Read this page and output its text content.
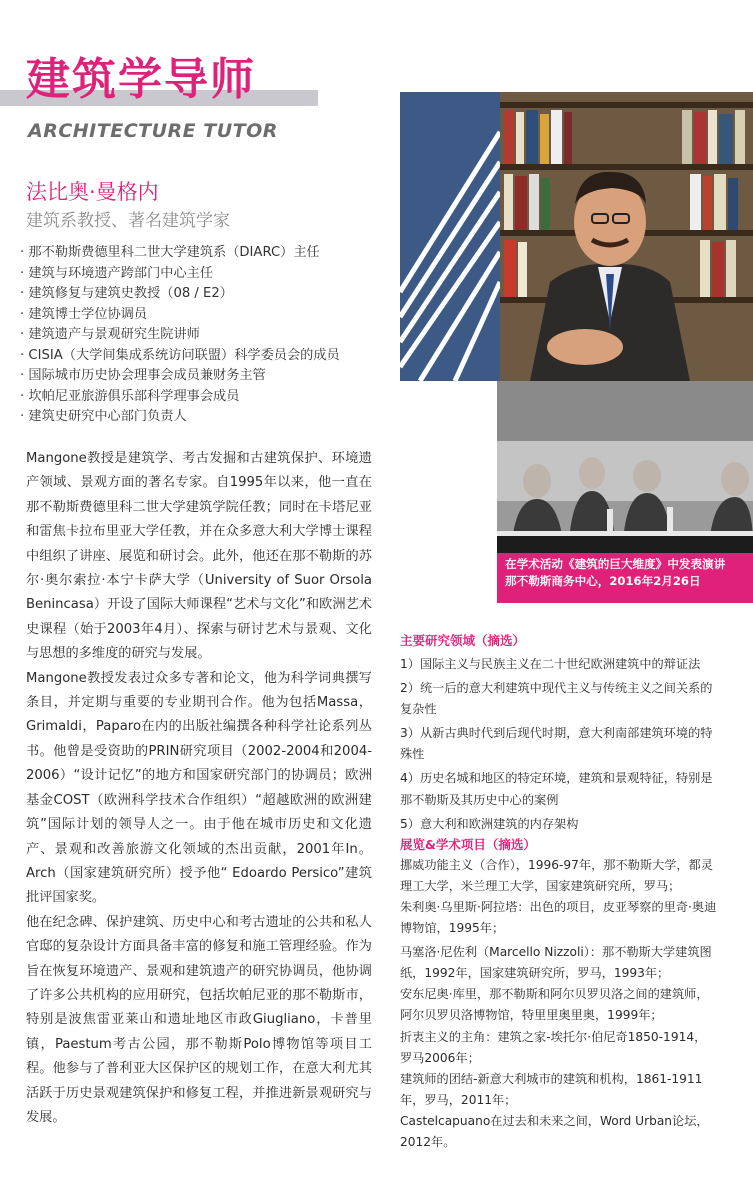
建筑学导师
ARCHITECTURE TUTOR
法比奥·曼格内
建筑系教授、著名建筑学家
· 那不勒斯费德里科二世大学建筑系（DIARC）主任
· 建筑与环境遗产跨部门中心主任
· 建筑修复与建筑史教授（08 / E2）
· 建筑博士学位协调员
· 建筑遗产与景观研究生院讲师
· CISIA（大学间集成系统访问联盟）科学委员会的成员
· 国际城市历史协会理事会成员兼财务主管
· 坎帕尼亚旅游俱乐部科学理事会成员
· 建筑史研究中心部门负责人

Mangone教授是建筑学、考古发掘和古建筑保护、环境遗产领域、景观方面的著名专家。自1995年以来，他一直在那不勒斯费德里科二世大学建筑学院任教；同时在卡塔尼亚和雷焦卡拉布里亚大学任教，并在众多意大利大学博士课程中组织了讲座、展览和研讨会。此外，他还在那不勒斯的苏尔·奥尔索拉·本宁卡萨大学（University of Suor Orsola Benincasa）开设了国际大师课程“艺术与文化”和欧洲艺术史课程（始于2003年4月）、探索与研讨艺术与景观、文化与思想的多维度的研究与发展。

Mangone教授发表过众多专著和论文，他为科学词典撰写条目，并定期与重要的专业期刊合作。他为包括Massa，Grimaldi，Paparo在内的出版社编撰各种科学社论系列丛书。他曾是受资助的PRIN研究项目（2002-2004和2004-2006）“设计记忆”的地方和国家研究部门的协调员；欧洲基金COST（欧洲科学技术合作组织）“超越欧洲的欧洲建筑”国际计划的领导人之一。由于他在城市历史和文化遗产、景观和改善旅游文化领域的杰出贡献，2001年In。Arch（国家建筑研究所）授予他“ Edoardo Persico”建筑批评国家奖。

他在纪念碑、保护建筑、历史中心和考古遗址的公共和私人官邸的复杂设计方面具备丰富的修复和施工管理经验。作为旨在恢复环境遗产、景观和建筑遗产的研究协调员，他协调了许多公共机构的应用研究，包括坎帕尼亚的那不勒斯市，特别是波焦雷亚莱山和遗址地区市政Giugliano，卡普里镇，Paestum考古公园，那不勒斯Polo博物馆等项目工程。他参与了普利亚大区保护区的规划工作，在意大利尤其活跃于历史景观建筑保护和修复工程，并推进新景观研究与发展。

在学术活动《建筑的巨大维度》中发表演讲
那不勒斯商务中心，2016年2月26日
主要研究领域（摘选）

1）国际主义与民族主义在二十世纪欧洲建筑中的辩证法

2）统一后的意大利建筑中现代主义与传统主义之间关系的复杂性

3）从新古典时代到后现代时期，意大利南部建筑环境的特殊性

4）历史名城和地区的特定环境，建筑和景观特征，特别是那不勒斯及其历史中心的案例

5）意大利和欧洲建筑的内存架构

展览&学术项目（摘选）

挪威功能主义（合作），1996-97年，那不勒斯大学，都灵理工大学，米兰理工大学，国家建筑研究所，罗马；

朱利奥·乌里斯·阿拉塔：出色的项目，皮亚琴察的里奇·奥迪博物馆，1995年；

马塞洛·尼佐利（Marcello Nizzoli）：那不勒斯大学建筑图纸，1992年，国家建筑研究所，罗马，1993年；

安东尼奥·库里，那不勒斯和阿尔贝罗贝洛之间的建筑师，阿尔贝罗贝洛博物馆，特里里奥里奥，1999年；

折衷主义的主角：建筑之家-埃托尔·伯尼奇1850-1914，罗马2006年；

建筑师的团结-新意大利城市的建筑和机构，1861-1911年，罗马，2011年；

Castelcapuano在过去和未来之间，Word Urban论坛，2012年。
